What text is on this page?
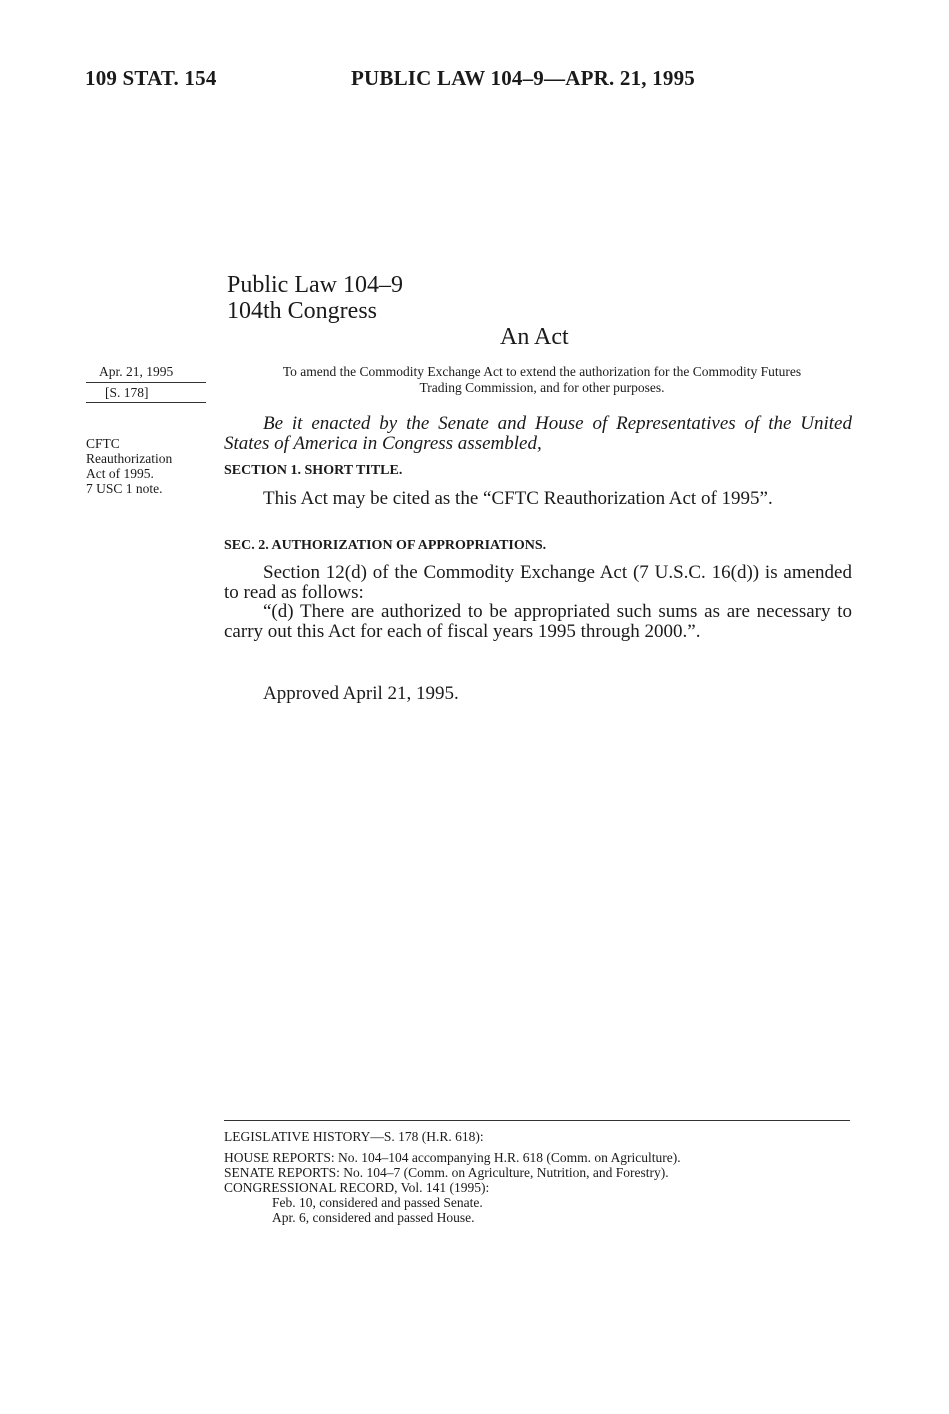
109 STAT. 154	PUBLIC LAW 104–9—APR. 21, 1995
Public Law 104–9
104th Congress
An Act
Apr. 21, 1995
[S. 178]
CFTC
Reauthorization
Act of 1995.
7 USC 1 note.
To amend the Commodity Exchange Act to extend the authorization for the Commodity Futures Trading Commission, and for other purposes.
Be it enacted by the Senate and House of Representatives of the United States of America in Congress assembled,
SECTION 1. SHORT TITLE.
This Act may be cited as the “CFTC Reauthorization Act of 1995”.
SEC. 2. AUTHORIZATION OF APPROPRIATIONS.
Section 12(d) of the Commodity Exchange Act (7 U.S.C. 16(d)) is amended to read as follows:
“(d) There are authorized to be appropriated such sums as are necessary to carry out this Act for each of fiscal years 1995 through 2000.”.
Approved April 21, 1995.
LEGISLATIVE HISTORY—S. 178 (H.R. 618):
HOUSE REPORTS: No. 104–104 accompanying H.R. 618 (Comm. on Agriculture).
SENATE REPORTS: No. 104–7 (Comm. on Agriculture, Nutrition, and Forestry).
CONGRESSIONAL RECORD, Vol. 141 (1995):
Feb. 10, considered and passed Senate.
Apr. 6, considered and passed House.
